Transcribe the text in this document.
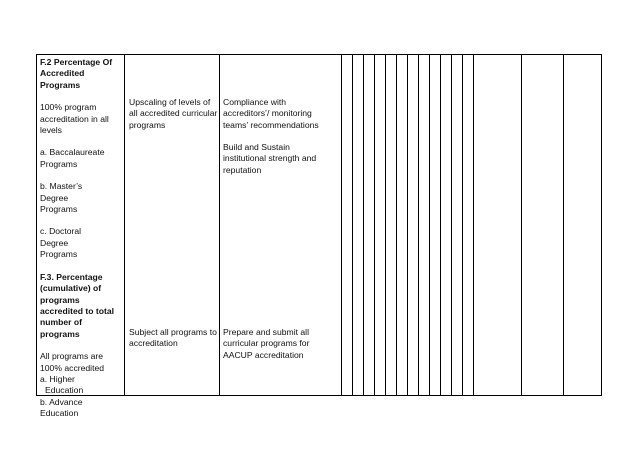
F.2 Percentage Of Accredited Programs
100% program accreditation in all levels
a. Baccalaureate Programs
b. Master’s Degree Programs
c. Doctoral Degree Programs
F.3. Percentage (cumulative) of programs accredited to total number of programs
All programs are 100% accredited
a. Higher
Education
b. Advance
Education
Upscaling of levels of all accredited curricular programs
Subject all programs to accreditation
Compliance with accreditors’/ monitoring teams’ recommendations
Build and Sustain institutional strength and reputation
Prepare and submit all curricular programs for AACUP accreditation
